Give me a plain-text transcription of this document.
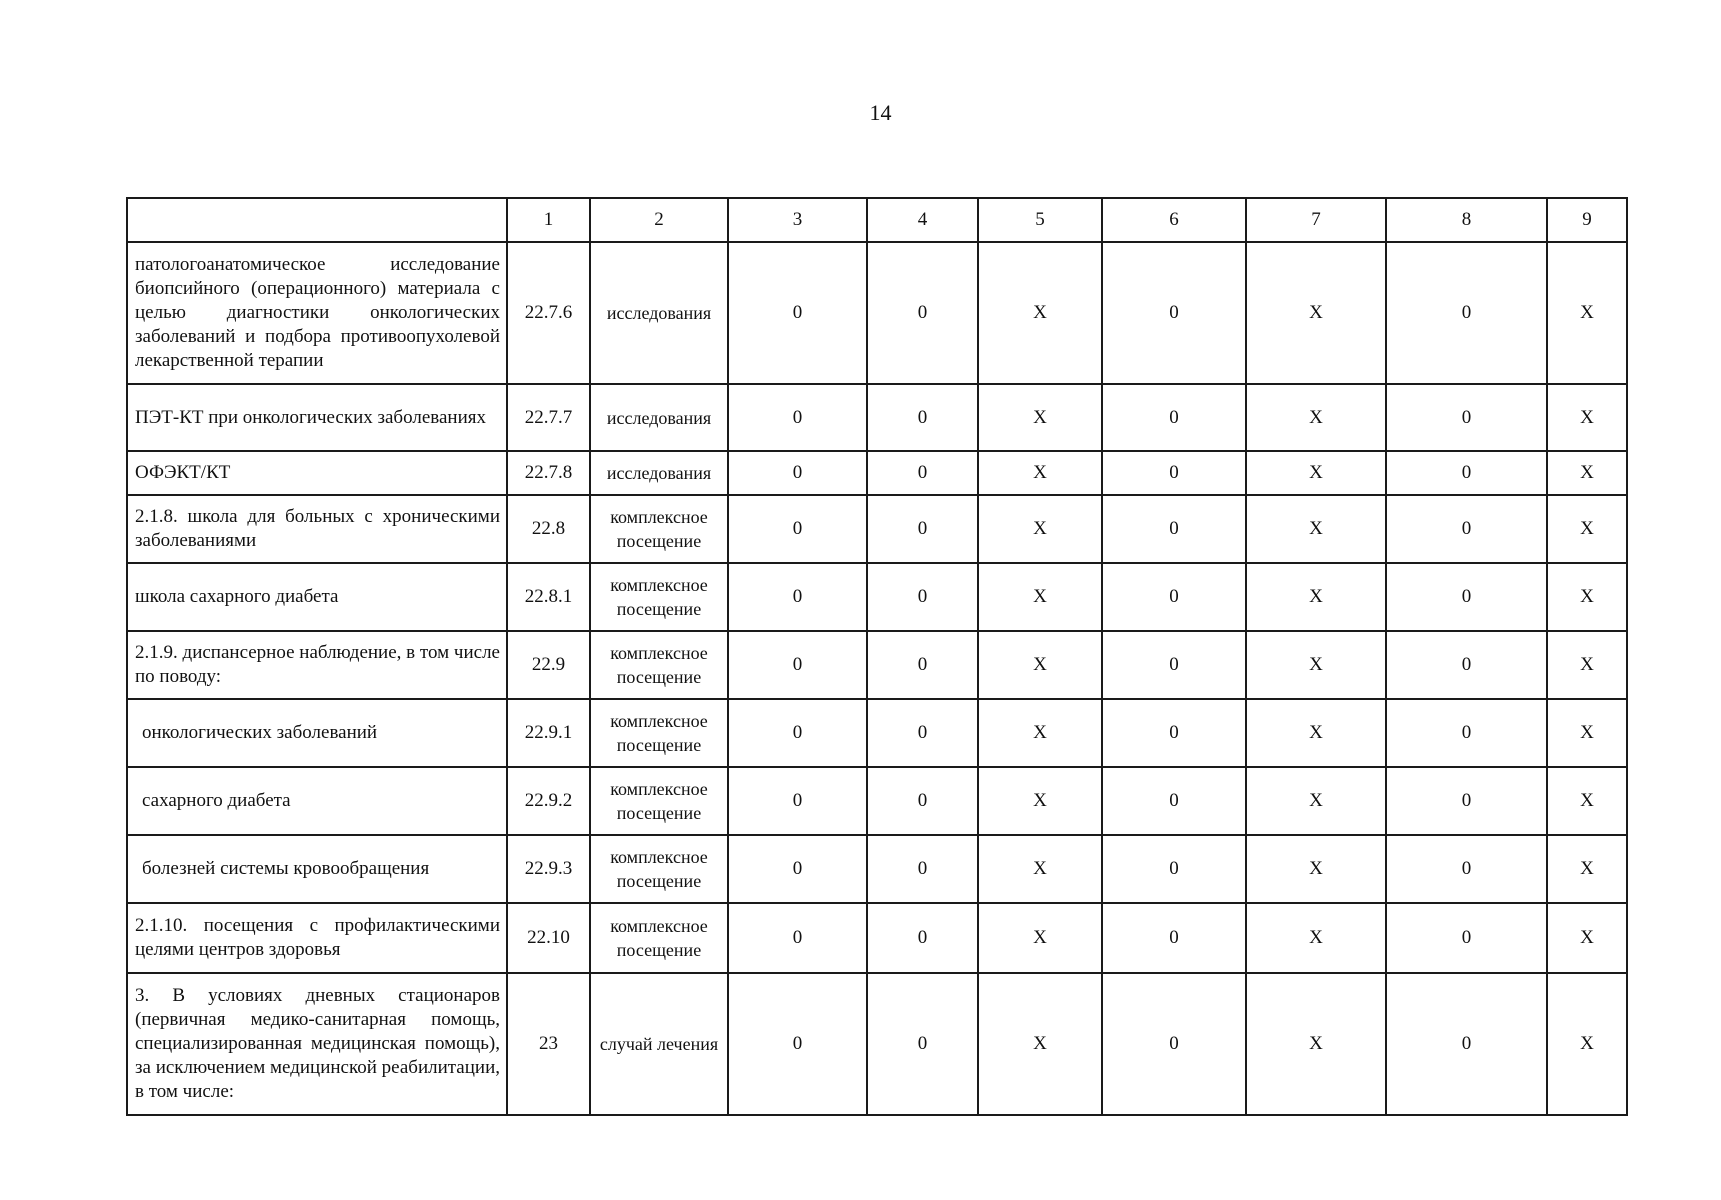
14
	1	2	3	4	5	6	7	8	9
патологоанатомическое исследование биопсийного (операционного) материала с целью диагностики онкологических заболеваний и подбора противоопухолевой лекарственной терапии	22.7.6	исследования	0	0	X	0	X	0	X
ПЭТ-КТ при онкологических заболеваниях	22.7.7	исследования	0	0	X	0	X	0	X
ОФЭКТ/КТ	22.7.8	исследования	0	0	X	0	X	0	X
2.1.8. школа для больных с хроническими заболеваниями	22.8	комплексное посещение	0	0	X	0	X	0	X
школа сахарного диабета	22.8.1	комплексное посещение	0	0	X	0	X	0	X
2.1.9. диспансерное наблюдение, в том числе по поводу:	22.9	комплексное посещение	0	0	X	0	X	0	X
онкологических заболеваний	22.9.1	комплексное посещение	0	0	X	0	X	0	X
сахарного диабета	22.9.2	комплексное посещение	0	0	X	0	X	0	X
болезней системы кровообращения	22.9.3	комплексное посещение	0	0	X	0	X	0	X
2.1.10. посещения с профилактическими целями центров здоровья	22.10	комплексное посещение	0	0	X	0	X	0	X
3. В условиях дневных стационаров (первичная медико-санитарная помощь, специализированная медицинская помощь), за исключением медицинской реабилитации, в том числе:	23	случай лечения	0	0	X	0	X	0	X
